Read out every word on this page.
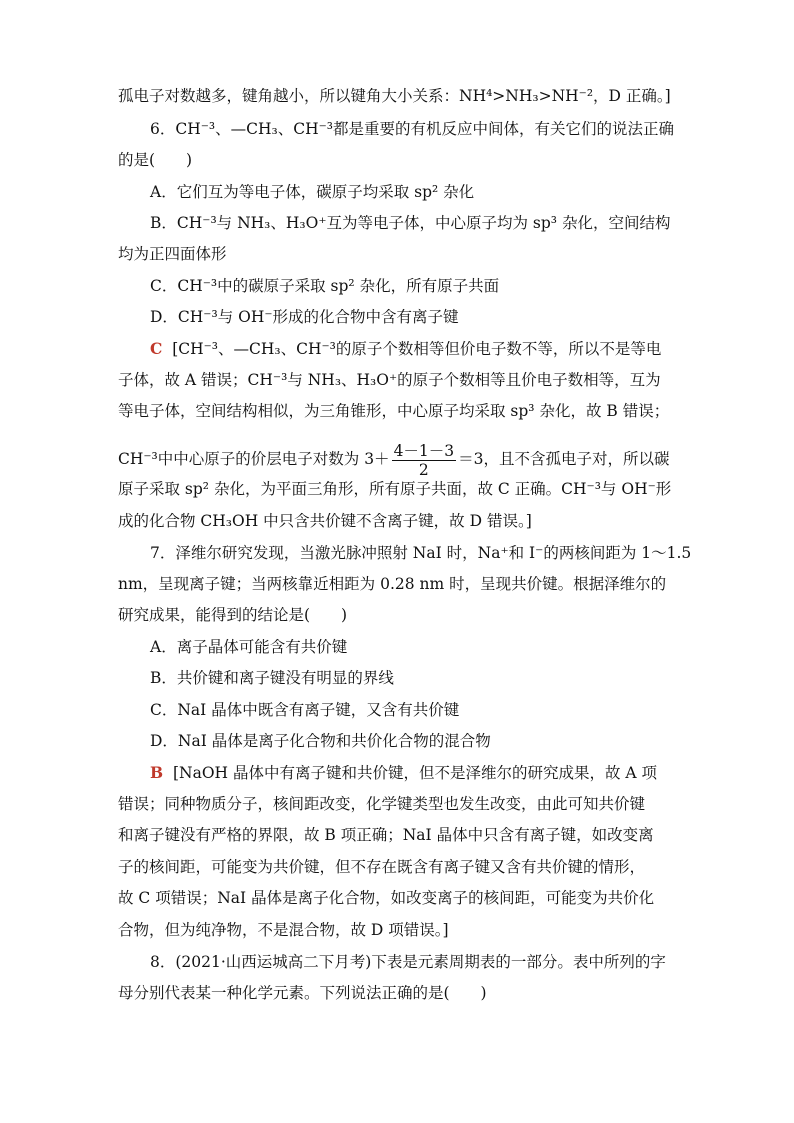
孤电子对数越多，键角越小，所以键角大小关系：NH⁴>NH₃>NH⁻²，D 正确。]
6．CH⁻³、—CH₃、CH⁻³都是重要的有机反应中间体，有关它们的说法正确
的是(　　)
A．它们互为等电子体，碳原子均采取 sp² 杂化
B．CH⁻³与 NH₃、H₃O⁺互为等电子体，中心原子均为 sp³ 杂化，空间结构
均为正四面体形
C．CH⁻³中的碳原子采取 sp² 杂化，所有原子共面
D．CH⁻³与 OH⁻形成的化合物中含有离子键
C [CH⁻³、—CH₃、CH⁻³的原子个数相等但价电子数不等，所以不是等电
子体，故 A 错误；CH⁻³与 NH₃、H₃O⁺的原子个数相等且价电子数相等，互为
等电子体，空间结构相似，为三角锥形，中心原子均采取 sp³ 杂化，故 B 错误；
CH⁻³中中心原子的价层电子对数为 $3+ \frac{4-1-3}{2} =3$，且不含孤电子对，所以碳
原子采取 sp² 杂化，为平面三角形，所有原子共面，故 C 正确。CH⁻³与 OH⁻形
成的化合物 CH₃OH 中只含共价键不含离子键，故 D 错误。]
7．泽维尔研究发现，当激光脉冲照射 NaI 时，Na⁺和 I⁻的两核间距为 1～1.5
nm，呈现离子键；当两核靠近相距为 0.28 nm 时，呈现共价键。根据泽维尔的
研究成果，能得到的结论是(　　)
A．离子晶体可能含有共价键
B．共价键和离子键没有明显的界线
C．NaI 晶体中既含有离子键，又含有共价键
D．NaI 晶体是离子化合物和共价化合物的混合物
B [NaOH 晶体中有离子键和共价键，但不是泽维尔的研究成果，故 A 项
错误；同种物质分子，核间距改变，化学键类型也发生改变，由此可知共价键
和离子键没有严格的界限，故 B 项正确；NaI 晶体中只含有离子键，如改变离
子的核间距，可能变为共价键，但不存在既含有离子键又含有共价键的情形，
故 C 项错误；NaI 晶体是离子化合物，如改变离子的核间距，可能变为共价化
合物，但为纯净物，不是混合物，故 D 项错误。]
8．(2021·山西运城高二下月考)下表是元素周期表的一部分。表中所列的字
母分别代表某一种化学元素。下列说法正确的是(　　)
